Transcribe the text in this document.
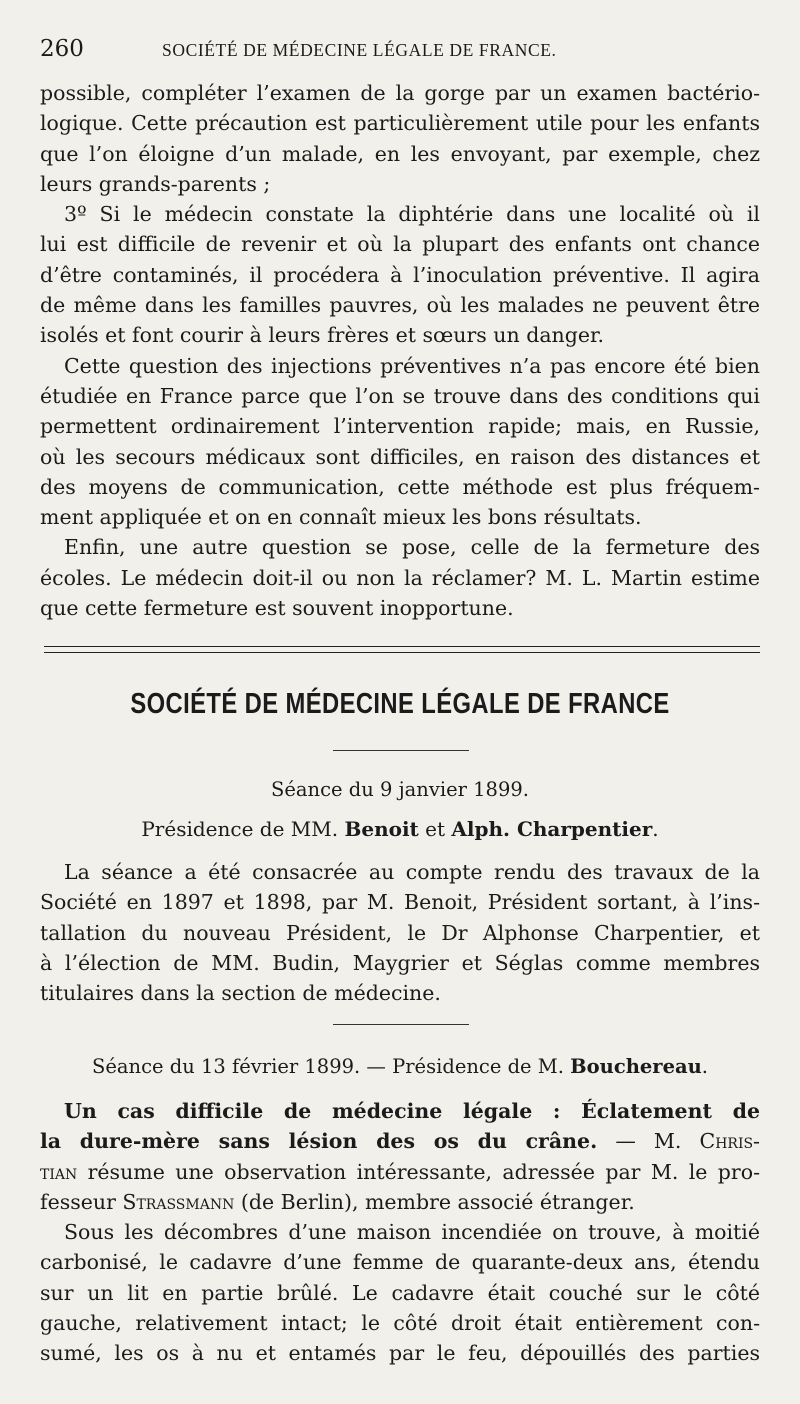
260	SOCIÉTÉ DE MÉDECINE LÉGALE DE FRANCE.

possible, compléter l’examen de la gorge par un examen bactério-
logique. Cette précaution est particulièrement utile pour les enfants
que l’on éloigne d’un malade, en les envoyant, par exemple, chez
leurs grands-parents ;

3º Si le médecin constate la diphtérie dans une localité où il
lui est difficile de revenir et où la plupart des enfants ont chance
d’être contaminés, il procédera à l’inoculation préventive. Il agira
de même dans les familles pauvres, où les malades ne peuvent être
isolés et font courir à leurs frères et sœurs un danger.

Cette question des injections préventives n’a pas encore été bien
étudiée en France parce que l’on se trouve dans des conditions qui
permettent ordinairement l’intervention rapide; mais, en Russie,
où les secours médicaux sont difficiles, en raison des distances et
des moyens de communication, cette méthode est plus fréquem-
ment appliquée et on en connaît mieux les bons résultats.

Enfin, une autre question se pose, celle de la fermeture des
écoles. Le médecin doit-il ou non la réclamer? M. L. Martin estime
que cette fermeture est souvent inopportune.

SOCIÉTÉ DE MÉDECINE LÉGALE DE FRANCE
Séance du 9 janvier 1899.
Présidence de MM. Benoit et Alph. Charpentier.

La séance a été consacrée au compte rendu des travaux de la
Société en 1897 et 1898, par M. Benoit, Président sortant, à l’ins-
tallation du nouveau Président, le Dr Alphonse Charpentier, et
à l’élection de MM. Budin, Maygrier et Séglas comme membres
titulaires dans la section de médecine.

Séance du 13 février 1899. — Présidence de M. Bouchereau.

Un cas difficile de médecine légale : Éclatement de
la dure-mère sans lésion des os du crâne. — M. Chris-
tian résume une observation intéressante, adressée par M. le pro-
fesseur Strassmann (de Berlin), membre associé étranger.

Sous les décombres d’une maison incendiée on trouve, à moitié
carbonisé, le cadavre d’une femme de quarante-deux ans, étendu
sur un lit en partie brûlé. Le cadavre était couché sur le côté
gauche, relativement intact; le côté droit était entièrement con-
sumé, les os à nu et entamés par le feu, dépouillés des parties
